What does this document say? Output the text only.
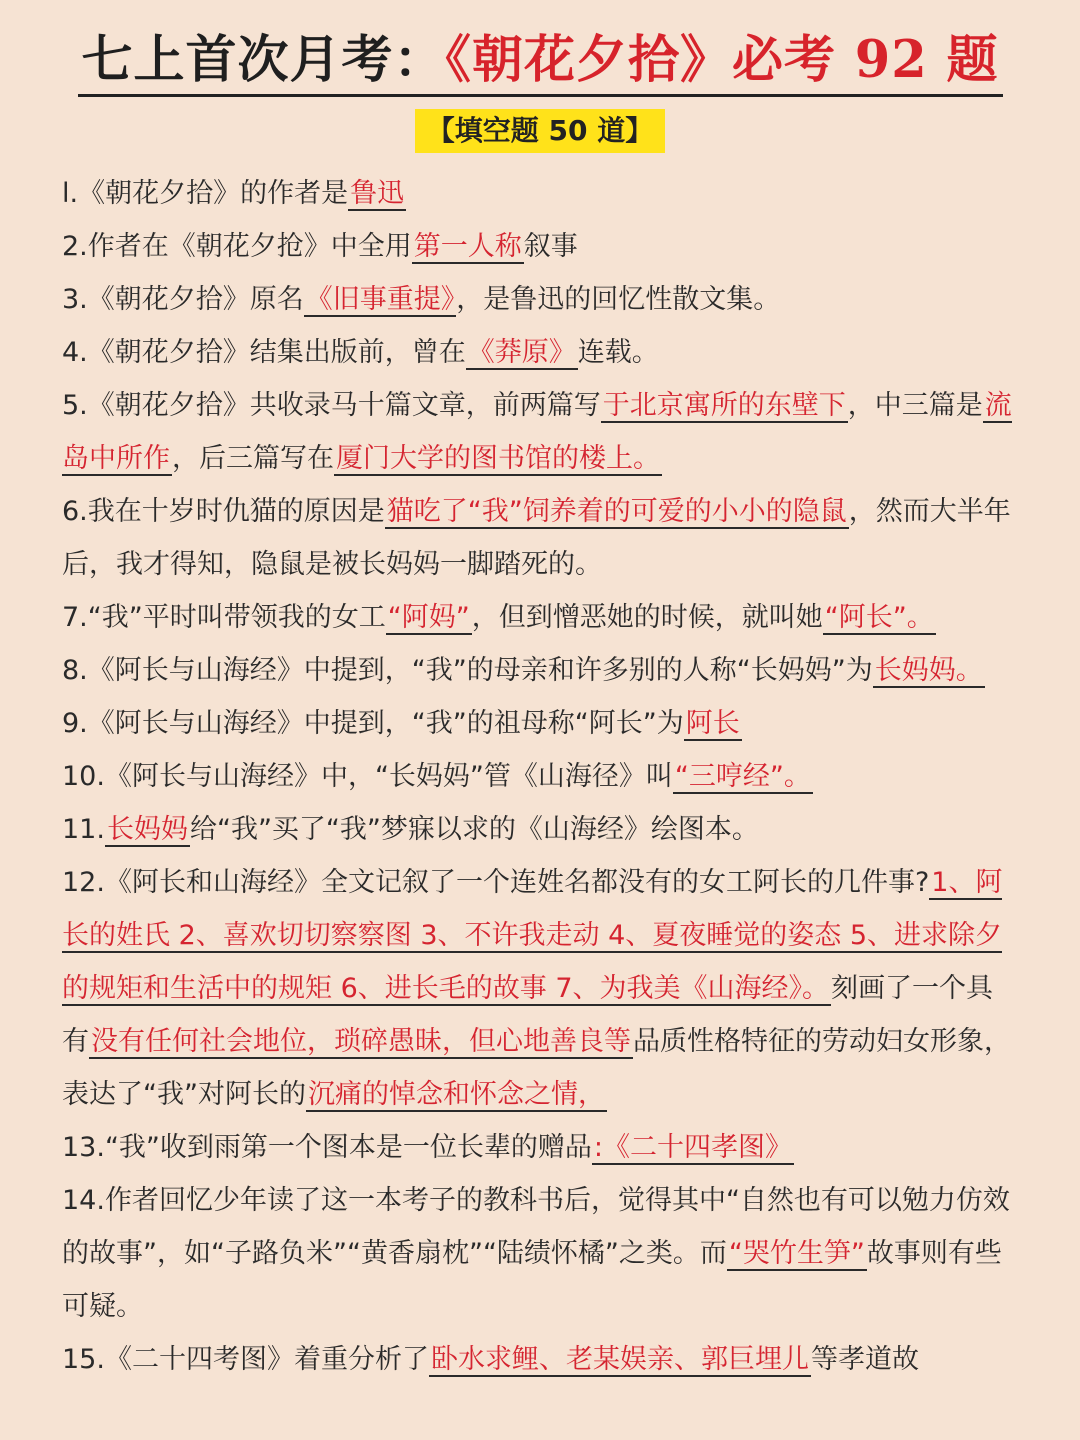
七上首次月考：《朝花夕拾》必考 92 题
【填空题 50 道】

l.《朝花夕拾》的作者是鲁迅

2.作者在《朝花夕抢》中全用第一人称叙事

3.《朝花夕拾》原名《旧事重提》，是鲁迅的回忆性散文集。

4.《朝花夕拾》结集出版前，曾在《莽原》连载。

5.《朝花夕拾》共收录马十篇文章，前两篇写于北京寓所的东壁下，中三篇是流岛中所作，后三篇写在厦门大学的图书馆的楼上。

6.我在十岁时仇猫的原因是猫吃了“我”饲养着的可爱的小小的隐鼠，然而大半年后，我才得知，隐鼠是被长妈妈一脚踏死的。

7.“我”平时叫带领我的女工“阿妈”，但到憎恶她的时候，就叫她“阿长”。

8.《阿长与山海经》中提到，“我”的母亲和许多别的人称“长妈妈”为长妈妈。

9.《阿长与山海经》中提到，“我”的祖母称“阿长”为阿长

10.《阿长与山海经》中，“长妈妈”管《山海径》叫“三哼经”。

11.长妈妈给“我”买了“我”梦寐以求的《山海经》绘图本。

12.《阿长和山海经》全文记叙了一个连姓名都没有的女工阿长的几件事?1、阿长的姓氏 2、喜欢切切察察图 3、不许我走动 4、夏夜睡觉的姿态 5、进求除夕的规矩和生活中的规矩 6、进长毛的故事 7、为我美《山海经》。刻画了一个具有没有任何社会地位，琐碎愚昧，但心地善良等品质性格特征的劳动妇女形象，表达了“我”对阿长的沉痛的悼念和怀念之情，

13.“我”收到雨第一个图本是一位长辈的赠品:《二十四孝图》

14.作者回忆少年读了这一本考子的教科书后，觉得其中“自然也有可以勉力仿效的故事”，如“子路负米”“黄香扇枕”“陆绩怀橘”之类。而“哭竹生笋”故事则有些可疑。

15.《二十四考图》着重分析了卧水求鲤、老某娱亲、郭巨埋儿等孝道故
